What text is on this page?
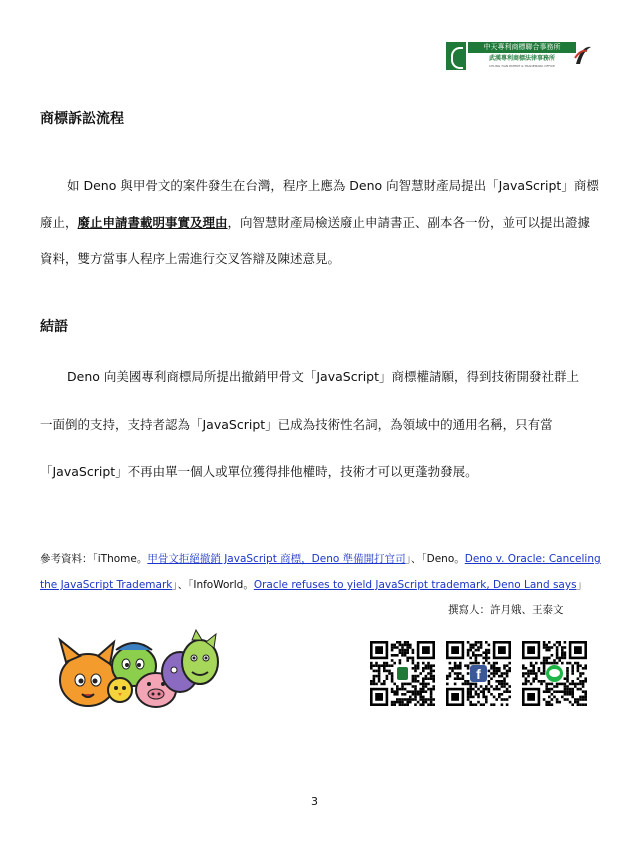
中天專利商標聯合事務所
武漢專利商標法律事務所
CHUNG TIAN PATENT & TRADEMARK OFFICE
商標訴訟流程
如 Deno 與甲骨文的案件發生在台灣，程序上應為 Deno 向智慧財產局提出「JavaScript」商標
廢止，廢止申請書載明事實及理由，向智慧財產局檢送廢止申請書正、副本各一份，並可以提出證據
資料，雙方當事人程序上需進行交叉答辯及陳述意見。
結語
Deno 向美國專利商標局所提出撤銷甲骨文「JavaScript」商標權請願，得到技術開發社群上
一面倒的支持，支持者認為「JavaScript」已成為技術性名詞，為領域中的通用名稱，只有當
「JavaScript」不再由單一個人或單位獲得排他權時，技術才可以更蓬勃發展。
參考資料：「iThome。甲骨文拒絕撤銷 JavaScript 商標，Deno 準備開打官司」、「Deno。Deno v. Oracle: Canceling
the JavaScript Trademark」、「InfoWorld。Oracle refuses to yield JavaScript trademark, Deno Land says」
撰寫人：許月娥、王泰文
f
3
